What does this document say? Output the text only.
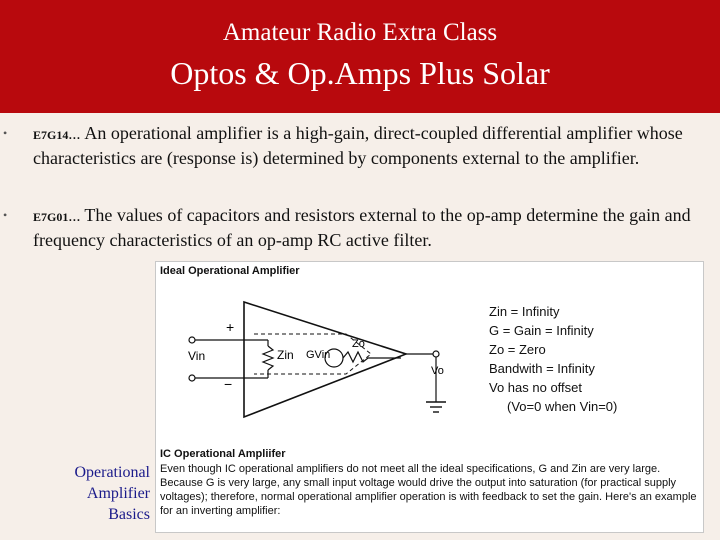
Amateur Radio Extra Class
Optos & Op.Amps Plus Solar
• E7G14… An operational amplifier is a high-gain, direct-coupled differential amplifier whose characteristics are (response is) determined by components external to the amplifier.
• E7G01… The values of capacitors and resistors external to the op-amp determine the gain and frequency characteristics of an op-amp RC active filter.
Operational
Amplifier
Basics
+
−
Vin	Zin GVin
Zo
Vo
Ideal Operational Amplifier
Zin = Infinity
G = Gain = Infinity
Zo = Zero
Bandwith = Infinity
Vo has no offset
(Vo=0 when Vin=0)
IC Operational Ampliifer
Even though IC operational amplifiers do not meet all the ideal specifications, G and Zin are very large. Because G is very large, any small input voltage would drive the output into saturation (for practical supply voltages); therefore, normal operational amplifier operation is with feedback to set the gain. Here's an example for an inverting amplifier:
